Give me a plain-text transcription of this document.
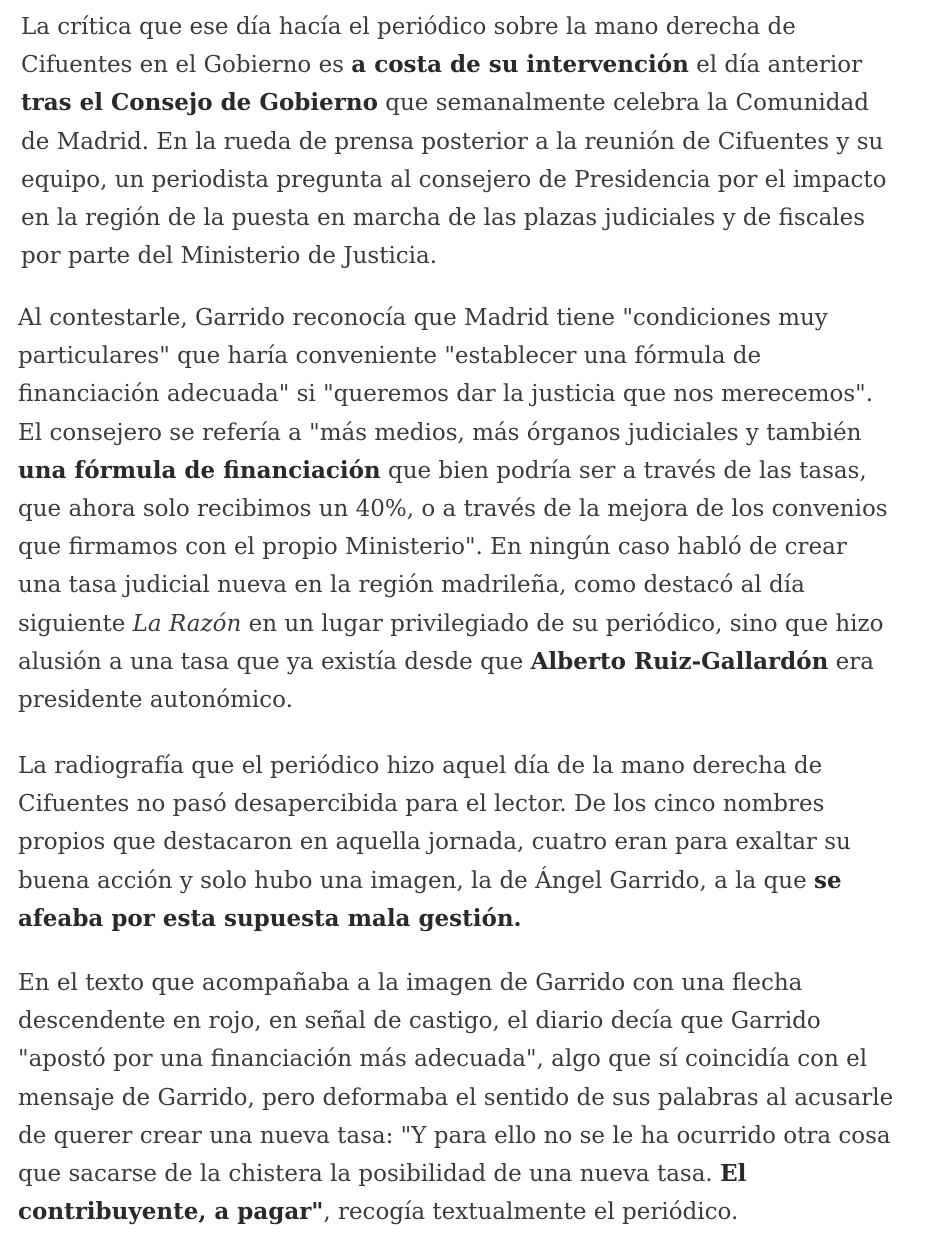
La crítica que ese día hacía el periódico sobre la mano derecha de
Cifuentes en el Gobierno es a costa de su intervención el día anterior
tras el Consejo de Gobierno que semanalmente celebra la Comunidad
de Madrid. En la rueda de prensa posterior a la reunión de Cifuentes y su
equipo, un periodista pregunta al consejero de Presidencia por el impacto
en la región de la puesta en marcha de las plazas judiciales y de fiscales
por parte del Ministerio de Justicia.

Al contestarle, Garrido reconocía que Madrid tiene "condiciones muy
particulares" que haría conveniente "establecer una fórmula de
financiación adecuada" si "queremos dar la justicia que nos merecemos".
El consejero se refería a "más medios, más órganos judiciales y también
una fórmula de financiación que bien podría ser a través de las tasas,
que ahora solo recibimos un 40%, o a través de la mejora de los convenios
que firmamos con el propio Ministerio". En ningún caso habló de crear
una tasa judicial nueva en la región madrileña, como destacó al día
siguiente La Razón en un lugar privilegiado de su periódico, sino que hizo
alusión a una tasa que ya existía desde que Alberto Ruiz-Gallardón era
presidente autonómico.

La radiografía que el periódico hizo aquel día de la mano derecha de
Cifuentes no pasó desapercibida para el lector. De los cinco nombres
propios que destacaron en aquella jornada, cuatro eran para exaltar su
buena acción y solo hubo una imagen, la de Ángel Garrido, a la que se
afeaba por esta supuesta mala gestión.

En el texto que acompañaba a la imagen de Garrido con una flecha
descendente en rojo, en señal de castigo, el diario decía que Garrido
"apostó por una financiación más adecuada", algo que sí coincidía con el
mensaje de Garrido, pero deformaba el sentido de sus palabras al acusarle
de querer crear una nueva tasa: "Y para ello no se le ha ocurrido otra cosa
que sacarse de la chistera la posibilidad de una nueva tasa. El
contribuyente, a pagar", recogía textualmente el periódico.
